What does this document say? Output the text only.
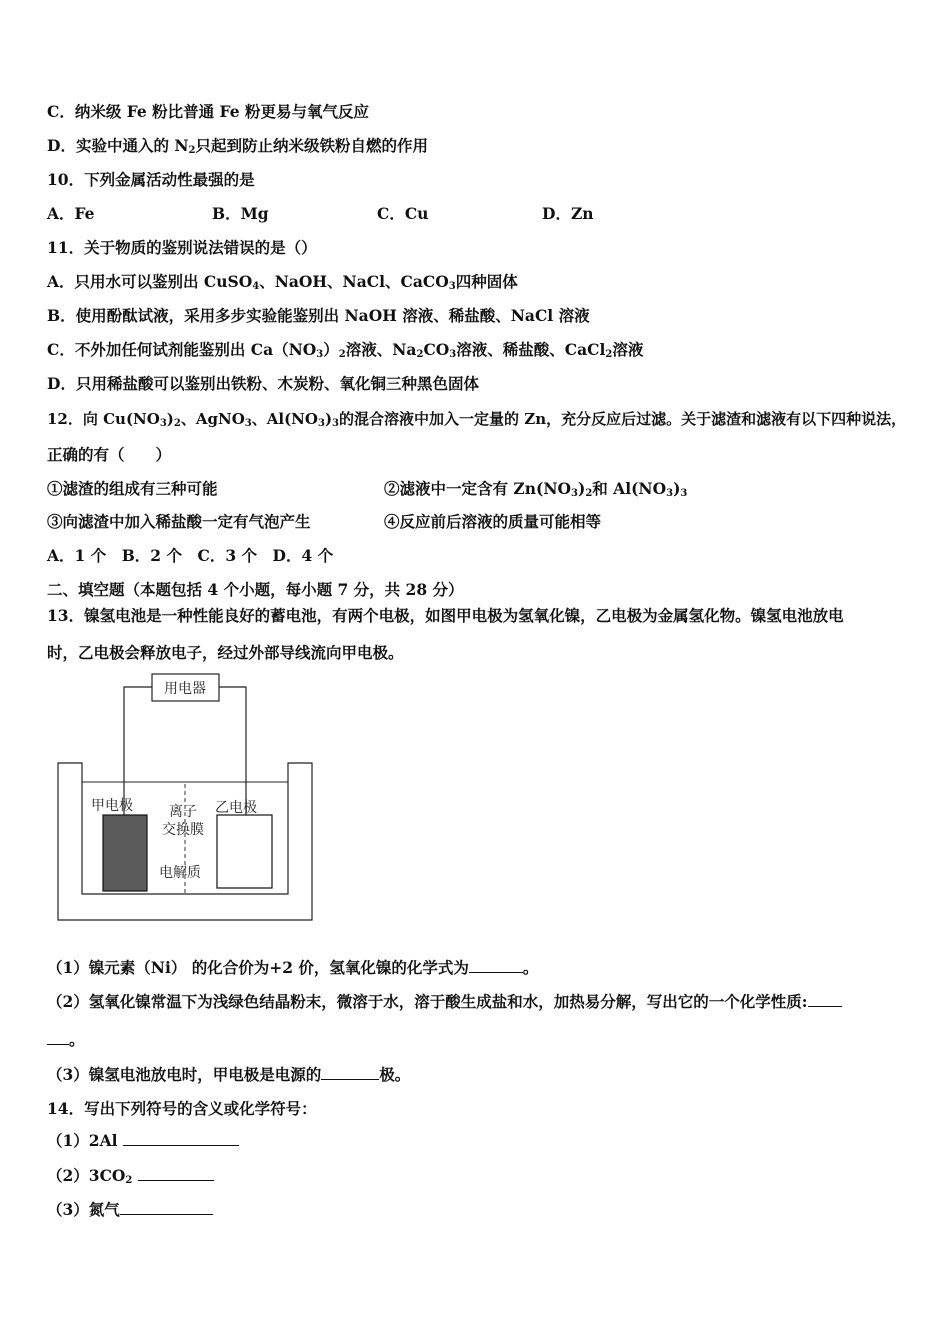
C．纳米级 Fe 粉比普通 Fe 粉更易与氧气反应
D．实验中通入的 $N_2$只起到防止纳米级铁粉自燃的作用
10．下列金属活动性最强的是
A．Fe	B．Mg	C．Cu	D．Zn
11．关于物质的鉴别说法错误的是（）
A．只用水可以鉴别出 CuSO$_4$、NaOH、NaCl、CaCO$_3$四种固体
B．使用酚酞试液，采用多步实验能鉴别出 NaOH 溶液、稀盐酸、NaCl 溶液
C．不外加任何试剂能鉴别出 $Ca(NO_3)_2$溶液、$Na_2CO_3$溶液、稀盐酸、CaCl$_2$溶液
D．只用稀盐酸可以鉴别出铁粉、木炭粉、氧化铜三种黑色固体
12．向 $Cu(NO_3)_2$、AgNO$_3$、$Al(NO_3)_3$的混合溶液中加入一定量的 Zn，充分反应后过滤。关于滤渣和滤液有以下四种说法，
正确的有（　　）
①滤渣的组成有三种可能	②滤液中一定含有 $Zn(NO_3)_2$和 $Al(NO_3)_3$
③向滤渣中加入稀盐酸一定有气泡产生	④反应前后溶液的质量可能相等
A．1 个　B．2 个　C．3 个　D．4 个
二、填空题（本题包括 4 个小题，每小题 7 分，共 28 分）
13．镍氢电池是一种性能良好的蓄电池，有两个电极，如图甲电极为氢氧化镍，乙电极为金属氢化物。镍氢电池放电
时，乙电极会释放电子，经过外部导线流向甲电极。
用电器
甲电极	乙电极
离子
交换膜
电解质
（1）镍元素（Ni） 的化合价为+2 价，氢氧化镍的化学式为	。
（2）氢氧化镍常温下为浅绿色结晶粉末，微溶于水，溶于酸生成盐和水，加热易分解，写出它的一个化学性质:
。
（3）镍氢电池放电时，甲电极是电源的	极。
14．写出下列符号的含义或化学符号：
（1）2Al
$(2)3CO_2$
（3）氮气
